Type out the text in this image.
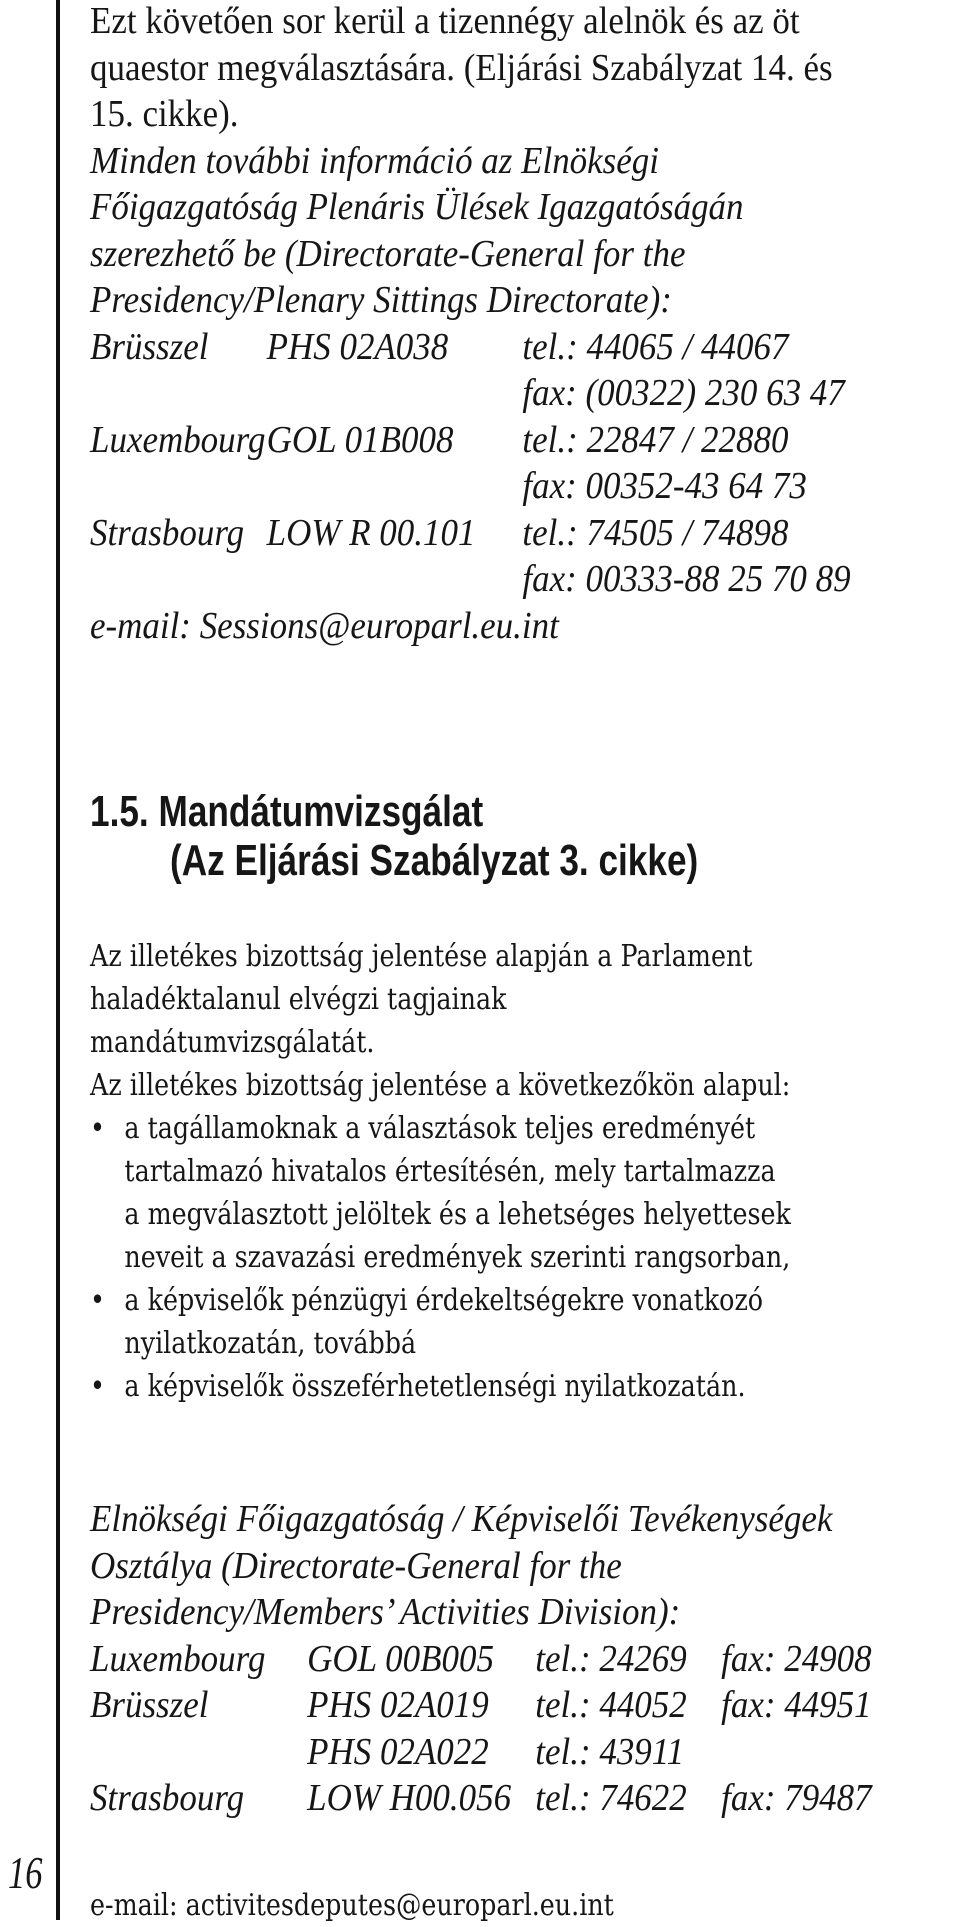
16

Ezt követően sor kerül a tizennégy alelnök és az öt

quaestor megválasztására. (Eljárási Szabályzat 14. és

15. cikke).

Minden további információ az Elnökségi

Főigazgatóság Plenáris Ülések Igazgatóságán

szerezhető be (Directorate-General for the

Presidency/Plenary Sittings Directorate):

Brüsszel	PHS 02A038	tel.: 44065 / 44067
fax: (00322) 230 63 47
Luxembourg GOL 01B008	tel.: 22847 / 22880
fax: 00352-43 64 73
Strasbourg LOW R 00.101	tel.: 74505 / 74898
fax: 00333-88 25 70 89

e-mail: Sessions@europarl.eu.int

1.5. Mandátumvizsgálat
(Az Eljárási Szabályzat 3. cikke)

Az illetékes bizottság jelentése alapján a Parlament

haladéktalanul elvégzi tagjainak

mandátumvizsgálatát.

Az illetékes bizottság jelentése a következőkön alapul:

• a tagállamoknak a választások teljes eredményét

tartalmazó hivatalos értesítésén, mely tartalmazza

a megválasztott jelöltek és a lehetséges helyettesek

neveit a szavazási eredmények szerinti rangsorban,

• a képviselők pénzügyi érdekeltségekre vonatkozó

nyilatkozatán, továbbá

• a képviselők összeférhetetlenségi nyilatkozatán.

Elnökségi Főigazgatóság / Képviselői Tevékenységek

Osztálya (Directorate-General for the

Presidency/Members’ Activities Division):

Luxembourg	GOL 00B005	tel.: 24269 fax: 24908
Brüsszel	PHS 02A019	tel.: 44052 fax: 44951
PHS 02A022	tel.: 43911
Strasbourg	LOW H00.056 tel.: 74622 fax: 79487
e-mail: activitesdeputes@europarl.eu.int
